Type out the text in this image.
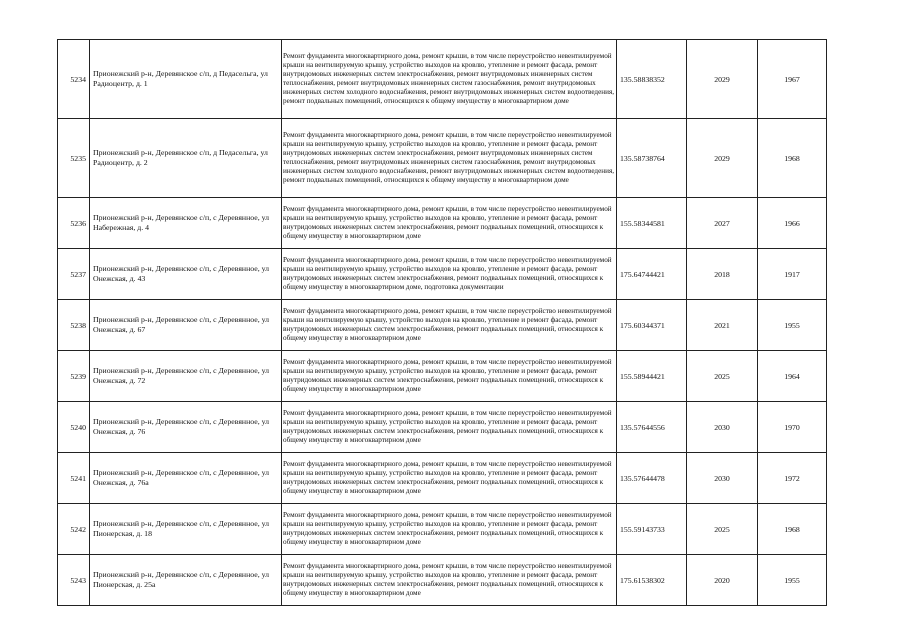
5234	Прионежский р-н, Деревянское с/п, д Педасельга, ул Радиоцентр, д. 1	Ремонт фундамента многоквартирного дома, ремонт крыши, в том числе переустройство невентилируемой крыши на вентилируемую крышу, устройство выходов на кровлю, утепление и ремонт фасада, ремонт внутридомовых инженерных систем электроснабжения, ремонт внутридомовых инженерных систем теплоснабжения, ремонт внутридомовых инженерных систем газоснабжения, ремонт внутридомовых инженерных систем холодного водоснабжения, ремонт внутридомовых инженерных систем водоотведения, ремонт подвальных помещений, относящихся к общему имуществу в многоквартирном доме	135.58838352	2029	1967
5235	Прионежский р-н, Деревянское с/п, д Педасельга, ул Радиоцентр, д. 2	Ремонт фундамента многоквартирного дома, ремонт крыши, в том числе переустройство невентилируемой крыши на вентилируемую крышу, устройство выходов на кровлю, утепление и ремонт фасада, ремонт внутридомовых инженерных систем электроснабжения, ремонт внутридомовых инженерных систем теплоснабжения, ремонт внутридомовых инженерных систем газоснабжения, ремонт внутридомовых инженерных систем холодного водоснабжения, ремонт внутридомовых инженерных систем водоотведения, ремонт подвальных помещений, относящихся к общему имуществу в многоквартирном доме	135.58738764	2029	1968
5236	Прионежский р-н, Деревянское с/п, с Деревянное, ул Набережная, д. 4	Ремонт фундамента многоквартирного дома, ремонт крыши, в том числе переустройство невентилируемой крыши на вентилируемую крышу, устройство выходов на кровлю, утепление и ремонт фасада, ремонт внутридомовых инженерных систем электроснабжения, ремонт подвальных помещений, относящихся к общему имуществу в многоквартирном доме	155.58344581	2027	1966
5237	Прионежский р-н, Деревянское с/п, с Деревянное, ул Онежская, д. 43	Ремонт фундамента многоквартирного дома, ремонт крыши, в том числе переустройство невентилируемой крыши на вентилируемую крышу, устройство выходов на кровлю, утепление и ремонт фасада, ремонт внутридомовых инженерных систем электроснабжения, ремонт подвальных помещений, относящихся к общему имуществу в многоквартирном доме, подготовка документации	175.64744421	2018	1917
5238	Прионежский р-н, Деревянское с/п, с Деревянное, ул Онежская, д. 67	Ремонт фундамента многоквартирного дома, ремонт крыши, в том числе переустройство невентилируемой крыши на вентилируемую крышу, устройство выходов на кровлю, утепление и ремонт фасада, ремонт внутридомовых инженерных систем электроснабжения, ремонт подвальных помещений, относящихся к общему имуществу в многоквартирном доме	175.60344371	2021	1955
5239	Прионежский р-н, Деревянское с/п, с Деревянное, ул Онежская, д. 72	Ремонт фундамента многоквартирного дома, ремонт крыши, в том числе переустройство невентилируемой крыши на вентилируемую крышу, устройство выходов на кровлю, утепление и ремонт фасада, ремонт внутридомовых инженерных систем электроснабжения, ремонт подвальных помещений, относящихся к общему имуществу в многоквартирном доме	155.58944421	2025	1964
5240	Прионежский р-н, Деревянское с/п, с Деревянное, ул Онежская, д. 76	Ремонт фундамента многоквартирного дома, ремонт крыши, в том числе переустройство невентилируемой крыши на вентилируемую крышу, устройство выходов на кровлю, утепление и ремонт фасада, ремонт внутридомовых инженерных систем электроснабжения, ремонт подвальных помещений, относящихся к общему имуществу в многоквартирном доме	135.57644556	2030	1970
5241	Прионежский р-н, Деревянское с/п, с Деревянное, ул Онежская, д. 76а	Ремонт фундамента многоквартирного дома, ремонт крыши, в том числе переустройство невентилируемой крыши на вентилируемую крышу, устройство выходов на кровлю, утепление и ремонт фасада, ремонт внутридомовых инженерных систем электроснабжения, ремонт подвальных помещений, относящихся к общему имуществу в многоквартирном доме	135.57644478	2030	1972
5242	Прионежский р-н, Деревянское с/п, с Деревянное, ул Пионерская, д. 18	Ремонт фундамента многоквартирного дома, ремонт крыши, в том числе переустройство невентилируемой крыши на вентилируемую крышу, устройство выходов на кровлю, утепление и ремонт фасада, ремонт внутридомовых инженерных систем электроснабжения, ремонт подвальных помещений, относящихся к общему имуществу в многоквартирном доме	155.59143733	2025	1968
5243	Прионежский р-н, Деревянское с/п, с Деревянное, ул Пионерская, д. 25а	Ремонт фундамента многоквартирного дома, ремонт крыши, в том числе переустройство невентилируемой крыши на вентилируемую крышу, устройство выходов на кровлю, утепление и ремонт фасада, ремонт внутридомовых инженерных систем электроснабжения, ремонт подвальных помещений, относящихся к общему имуществу в многоквартирном доме	175.61538302	2020	1955
